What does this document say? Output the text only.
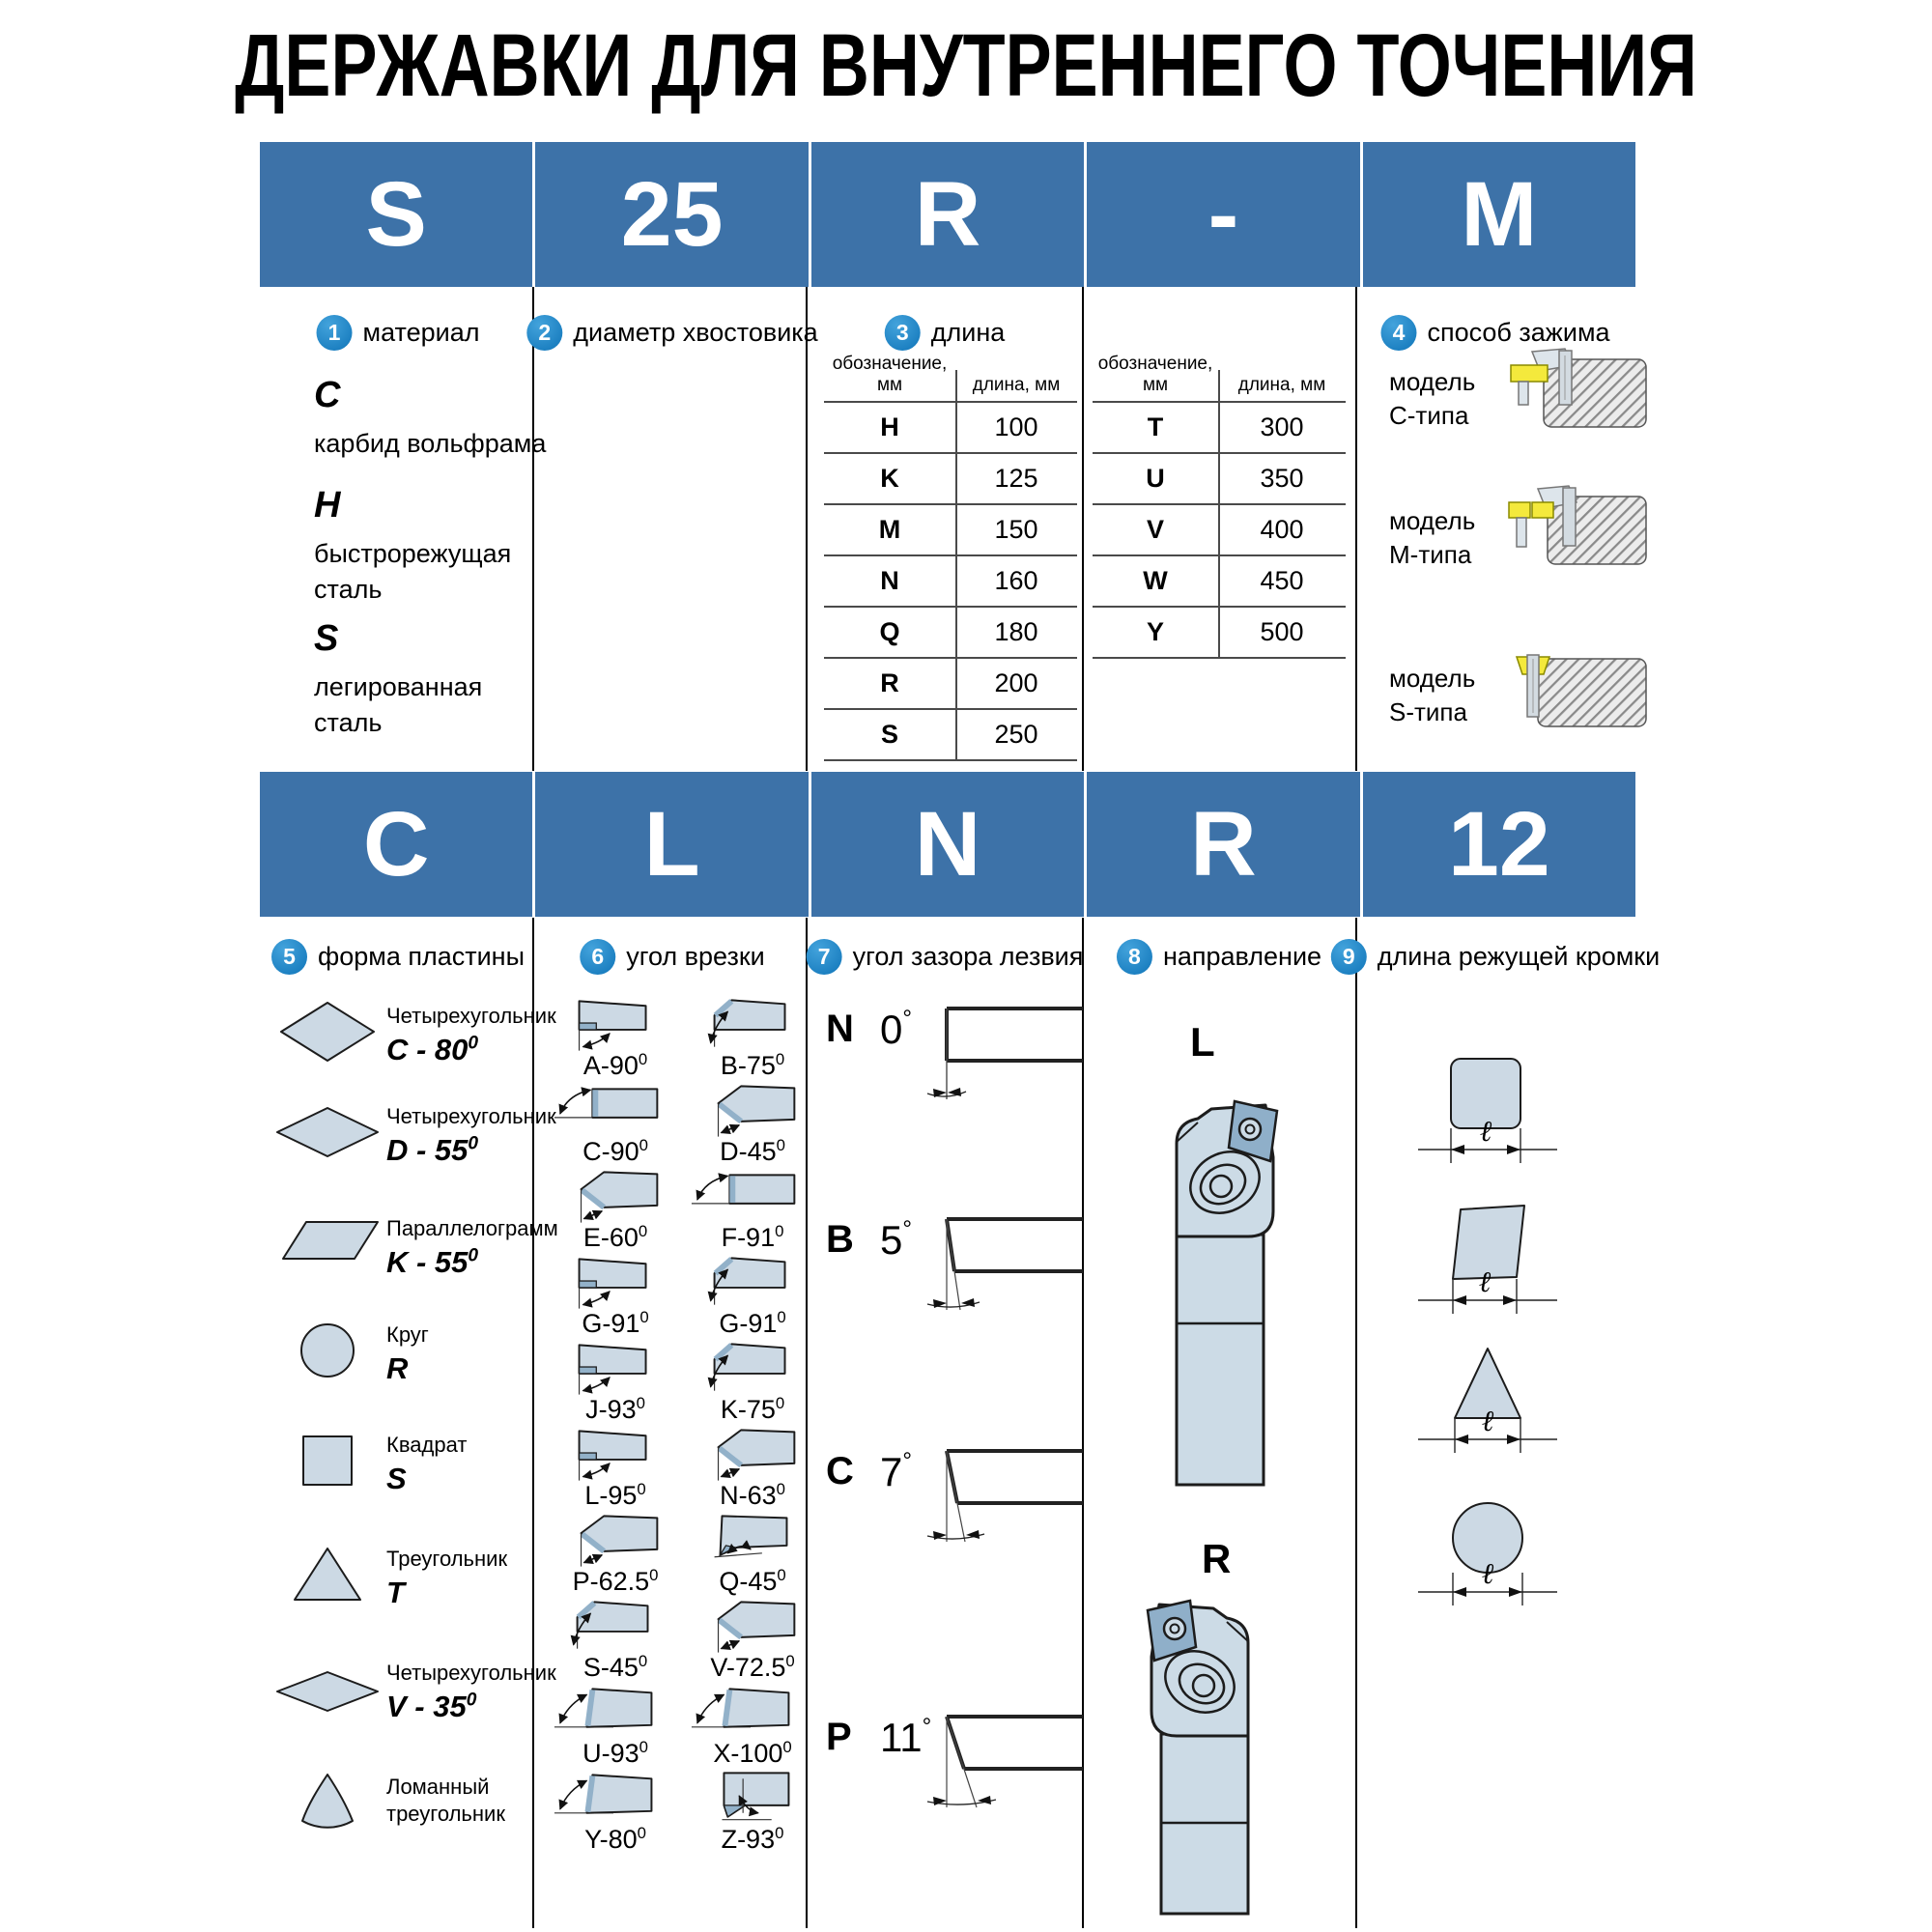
ДЕРЖАВКИ ДЛЯ ВНУТРЕННЕГО ТОЧЕНИЯ
S	25	R	-	M
C	L	N	R	12
1 материал	2 диаметр хвостовика	3 длина	4 способ зажима
5 форма пластины	6 угол врезки	7 угол зазора лезвия	8 направление 9 длина режущей кромки
C
карбид вольфрама
H
быстрорежущая
сталь
S
легированная
сталь
обозначение, мм	длина, мм
H	100
K	125
M	150
N	160
Q	180
R	200
S	250
обозначение, мм	длина, мм
T	300
U	350
V	400
W	450
Y	500
модель
C-типа
модель
M-типа
модель
S-типа
Четырехугольник
C - $80^0$
Четырехугольник
D - $55^0$
Параллелограмм
K - $55^0$
Круг
R
Квадрат
S
Треугольник
T
Четырехугольник
V - $35^0$
Ломанный
треугольник
$A-90^0$	$B-75^0$
$C-90^0$	$D-45^0$
$E-60^0$	$F-91^0$
$G-91^0$	$G-91^0$
$J-93^0$	$K-75^0$
$L-95^0$	$N-63^0$
P-62.5$^0$	$Q-45^0$
$S-45^0$	V-72.5$^0$
$U-93^0$	$X-100^0$
$Y-80^0$	$Z-93^0$
N 0°
B 5°
C 7°
P 11°
L
R
ℓ
ℓ
ℓ
ℓ
